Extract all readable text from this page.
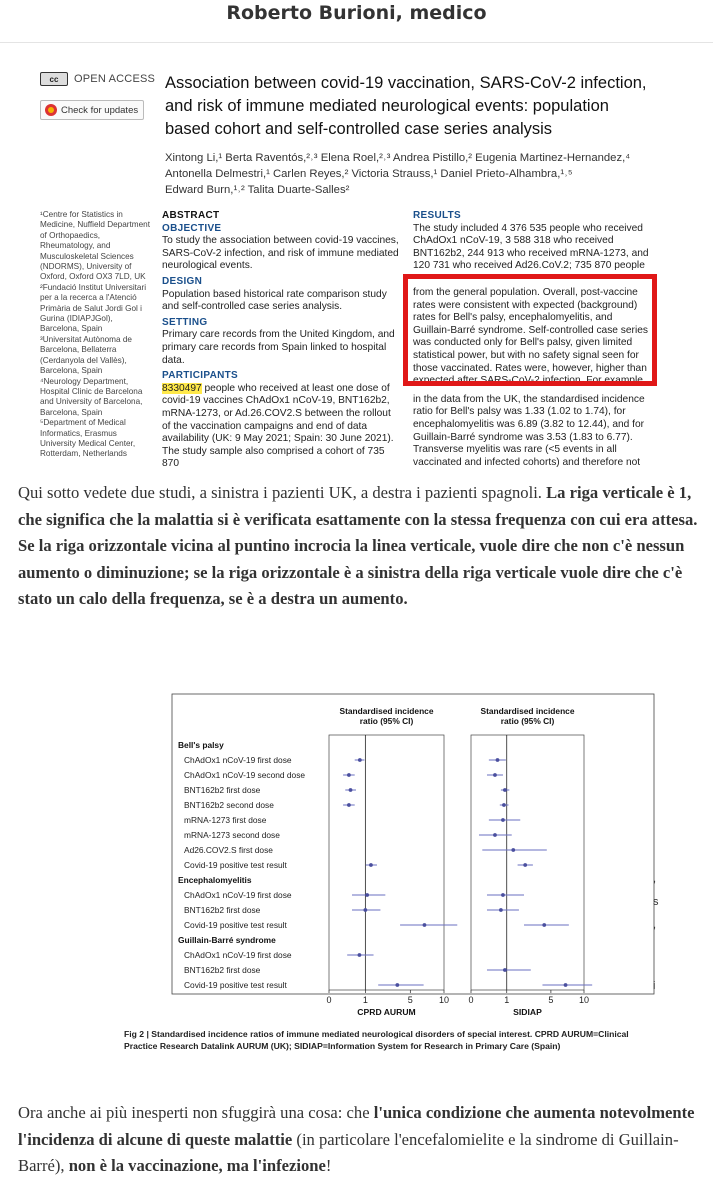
Roberto Burioni, medico
cc	OPEN ACCESS
Check for updates
Association between covid-19 vaccination, SARS-CoV-2 infection,
and risk of immune mediated neurological events: population
based cohort and self-controlled case series analysis
Xintong Li,¹ Berta Raventós,²˒³ Elena Roel,²˒³ Andrea Pistillo,² Eugenia Martinez-Hernandez,⁴
Antonella Delmestri,¹ Carlen Reyes,² Victoria Strauss,¹ Daniel Prieto-Alhambra,¹˒⁵
Edward Burn,¹˒² Talita Duarte-Salles²
¹Centre for Statistics in Medicine, Nuffield Department of Orthopaedics, Rheumatology, and Musculoskeletal Sciences (NDORMS), University of Oxford, Oxford OX3 7LD, UK
²Fundació Institut Universitari per a la recerca a l'Atenció Primària de Salut Jordi Gol i Gurina (IDIAPJGol), Barcelona, Spain
³Universitat Autònoma de Barcelona, Bellaterra (Cerdanyola del Vallès), Barcelona, Spain
⁴Neurology Department, Hospital Clinic de Barcelona and University of Barcelona, Barcelona, Spain
⁵Department of Medical Informatics, Erasmus University Medical Center, Rotterdam, Netherlands
ABSTRACT
OBJECTIVE
To study the association between covid-19 vaccines, SARS-CoV-2 infection, and risk of immune mediated neurological events.
DESIGN
Population based historical rate comparison study and self-controlled case series analysis.
SETTING
Primary care records from the United Kingdom, and primary care records from Spain linked to hospital data.
PARTICIPANTS
8330497 people who received at least one dose of covid-19 vaccines ChAdOx1 nCoV-19, BNT162b2, mRNA-1273, or Ad.26.COV2.S between the rollout of the vaccination campaigns and end of data availability (UK: 9 May 2021; Spain: 30 June 2021). The study sample also comprised a cohort of 735 870
RESULTS
The study included 4 376 535 people who received ChAdOx1 nCoV-19, 3 588 318 who received BNT162b2, 244 913 who received mRNA-1273, and 120 731 who received Ad26.CoV.2; 735 870 people
from the general population. Overall, post-vaccine rates were consistent with expected (background) rates for Bell's palsy, encephalomyelitis, and Guillain-Barré syndrome. Self-controlled case series was conducted only for Bell's palsy, given limited statistical power, but with no safety signal seen for those vaccinated. Rates were, however, higher than expected after SARS-CoV-2 infection. For example,
in the data from the UK, the standardised incidence ratio for Bell's palsy was 1.33 (1.02 to 1.74), for encephalomyelitis was 6.89 (3.82 to 12.44), and for Guillain-Barré syndrome was 3.53 (1.83 to 6.77). Transverse myelitis was rare (<5 events in all vaccinated and infected cohorts) and therefore not
Qui sotto vedete due studi, a sinistra i pazienti UK, a destra i pazienti spagnoli. La riga verticale è 1, che significa che la malattia si è verificata esattamente con la stessa frequenza con cui era attesa. Se la riga orizzontale vicina al puntino incrocia la linea verticale, vuole dire che non c'è nessun aumento o diminuzione; se la riga orizzontale è a sinistra della riga verticale vuole dire che c'è stato un calo della frequenza, se è a destra un aumento.
Standardised incidence
ratio (95% CI)
0	1	5	10
CPRD AURUM
Standardised incidence
ratio (95% CI)
0	1	5	10
SIDIAP
Bell's palsy
ChAdOx1 nCoV-19 first dose
ChAdOx1 nCoV-19 second dose
BNT162b2 first dose
BNT162b2 second dose
mRNA-1273 first dose
mRNA-1273 second dose
Ad26.COV2.S first dose
Covid-19 positive test result
Encephalomyelitis
ChAdOx1 nCoV-19 first dose
BNT162b2 first dose
Covid-19 positive test result
Guillain-Barré syndrome
ChAdOx1 nCoV-19 first dose
BNT162b2 first dose
Covid-19 positive test result
Fig 2 | Standardised incidence ratios of immune mediated neurological disorders of special interest. CPRD AURUM=Clinical Practice Research Datalink AURUM (UK); SIDIAP=Information System for Research in Primary Care (Spain)
,
s
,
i
Ora anche ai più inesperti non sfuggirà una cosa: che l'unica condizione che aumenta notevolmente l'incidenza di alcune di queste malattie (in particolare l'encefalomielite e la sindrome di Guillain-Barré), non è la vaccinazione, ma l'infezione!
